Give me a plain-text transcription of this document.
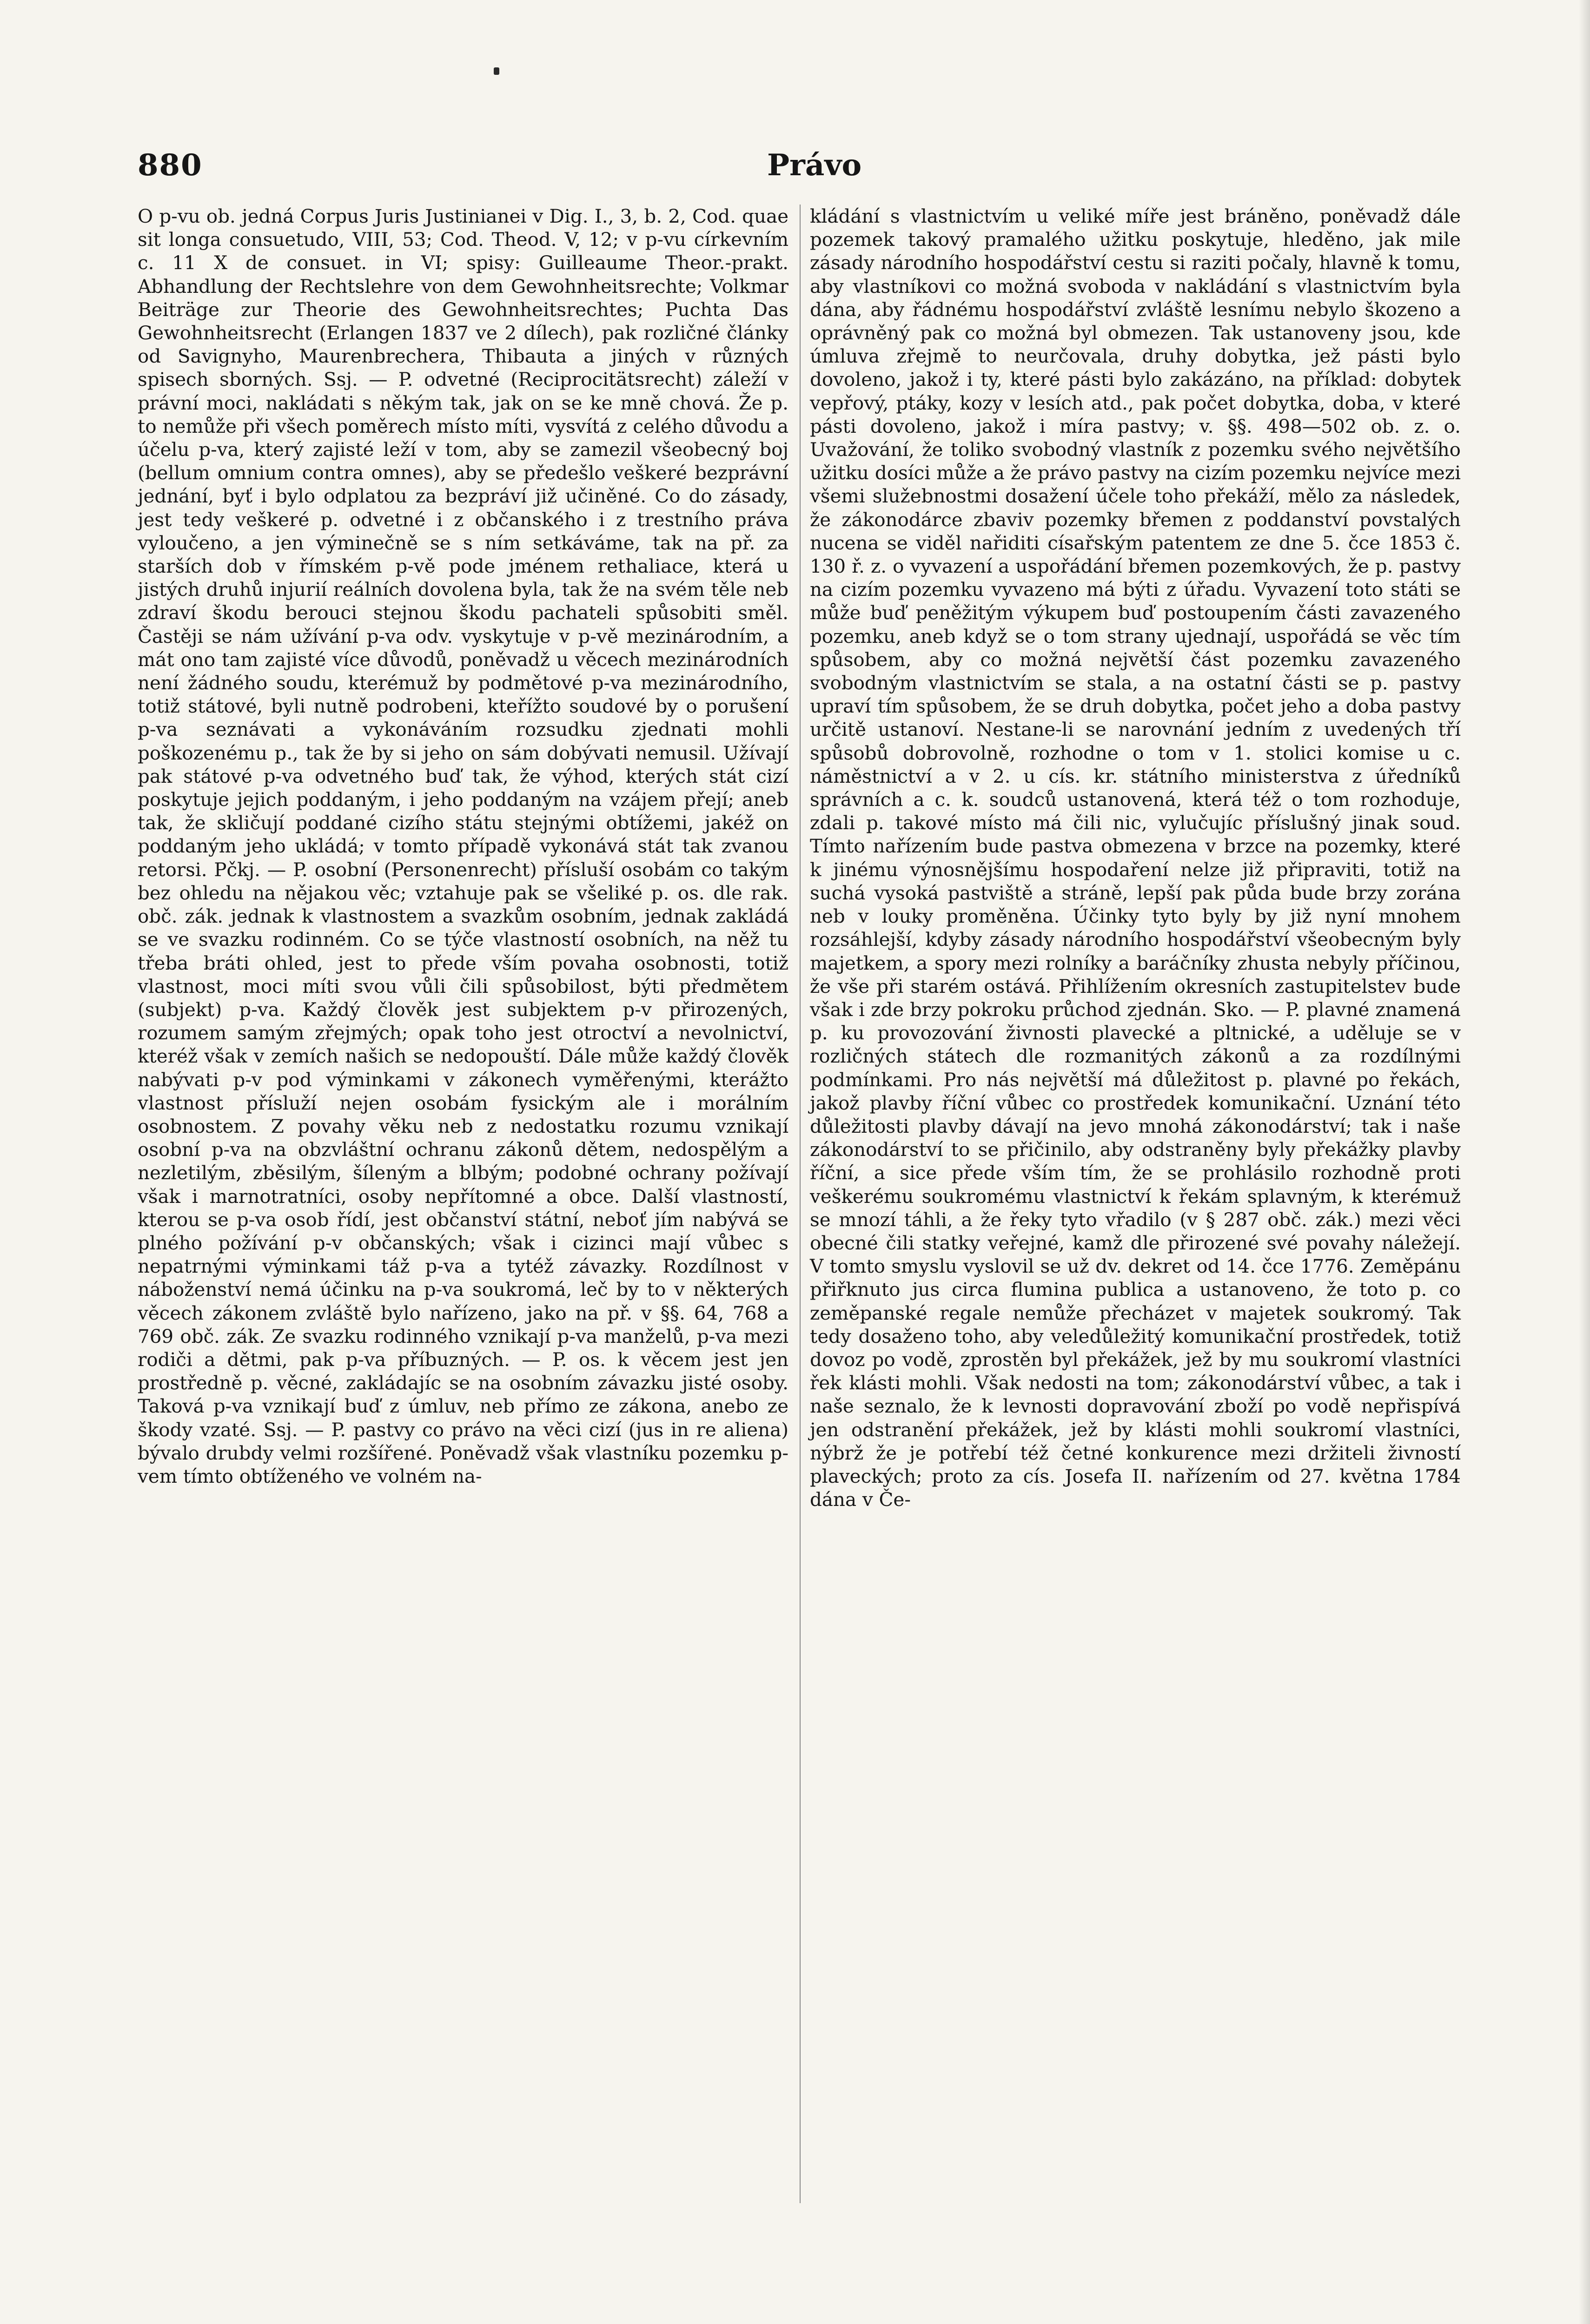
880	Právo

O p-vu ob. jedná Corpus Juris Justinianei v Dig. I., 3, b. 2, Cod. quae sit longa consuetudo, VIII, 53; Cod. Theod. V, 12; v p-vu církevním c. 11 X de consuet. in VI; spisy: Guilleaume Theor.-prakt. Abhandlung der Rechtslehre von dem Gewohnheitsrechte; Volkmar Beiträge zur Theorie des Gewohnheitsrechtes; Puchta Das Gewohnheitsrecht (Erlangen 1837 ve 2 dílech), pak rozličné články od Savignyho, Maurenbrechera, Thibauta a jiných v různých spisech sborných. Ssj. — P. odvetné (Reciprocitätsrecht) záleží v právní moci, nakládati s někým tak, jak on se ke mně chová. Že p. to nemůže při všech poměrech místo míti, vysvítá z celého důvodu a účelu p-va, který zajisté leží v tom, aby se zamezil všeobecný boj (bellum omnium contra omnes), aby se předešlo veškeré bezprávní jednání, byť i bylo odplatou za bezpráví již učiněné. Co do zásady, jest tedy veškeré p. odvetné i z občanského i z trestního práva vyloučeno, a jen výminečně se s ním setkáváme, tak na př. za starších dob v římském p-vě pode jménem rethaliace, která u jistých druhů injurií reálních dovolena byla, tak že na svém těle neb zdraví škodu berouci stejnou škodu pachateli spůsobiti směl. Častěji se nám užívání p-va odv. vyskytuje v p-vě mezinárodním, a mát ono tam zajisté více důvodů, poněvadž u věcech mezinárodních není žádného soudu, kterémuž by podmětové p-va mezinárodního, totiž státové, byli nutně podrobeni, kteřížto soudové by o porušení p-va seznávati a vykonáváním rozsudku zjednati mohli poškozenému p., tak že by si jeho on sám dobývati nemusil. Užívají pak státové p-va odvetného buď tak, že výhod, kterých stát cizí poskytuje jejich poddaným, i jeho poddaným na vzájem přejí; aneb tak, že skličují poddané cizího státu stejnými obtížemi, jakéž on poddaným jeho ukládá; v tomto případě vykonává stát tak zvanou retorsi. Pčkj. — P. osobní (Personenrecht) přísluší osobám co takým bez ohledu na nějakou věc; vztahuje pak se všeliké p. os. dle rak. obč. zák. jednak k vlastnostem a svazkům osobním, jednak zakládá se ve svazku rodinném. Co se týče vlastností osobních, na něž tu třeba bráti ohled, jest to přede vším povaha osobnosti, totiž vlastnost, moci míti svou vůli čili spůsobilost, býti předmětem (subjekt) p-va. Každý člověk jest subjektem p-v přirozených, rozumem samým zřejmých; opak toho jest otroctví a nevolnictví, kteréž však v zemích našich se nedopouští. Dále může každý člověk nabývati p-v pod výminkami v zákonech vyměřenými, kterážto vlastnost přísluží nejen osobám fysickým ale i morálním osobnostem. Z povahy věku neb z nedostatku rozumu vznikají osobní p-va na obzvláštní ochranu zákonů dětem, nedospělým a nezletilým, zběsilým, šíleným a blbým; podobné ochrany požívají však i marnotratníci, osoby nepřítomné a obce. Další vlastností, kterou se p-va osob řídí, jest občanství státní, neboť jím nabývá se plného požívání p-v občanských; však i cizinci mají vůbec s nepatrnými výminkami táž p-va a tytéž závazky. Rozdílnost v náboženství nemá účinku na p-va soukromá, leč by to v některých věcech zákonem zvláště bylo nařízeno, jako na př. v §§. 64, 768 a 769 obč. zák. Ze svazku rodinného vznikají p-va manželů, p-va mezi rodiči a dětmi, pak p-va příbuzných. — P. os. k věcem jest jen prostředně p. věcné, zakládajíc se na osobním závazku jisté osoby. Taková p-va vznikají buď z úmluv, neb přímo ze zákona, anebo ze škody vzaté. Ssj. — P. pastvy co právo na věci cizí (jus in re aliena) bývalo drubdy velmi rozšířené. Poněvadž však vlastníku pozemku p-vem tímto obtíženého ve volném na-

kládání s vlastnictvím u veliké míře jest bráněno, poněvadž dále pozemek takový pramalého užitku poskytuje, hleděno, jak mile zásady národního hospodářství cestu si raziti počaly, hlavně k tomu, aby vlastníkovi co možná svoboda v nakládání s vlastnictvím byla dána, aby řádnému hospodářství zvláště lesnímu nebylo škozeno a oprávněný pak co možná byl obmezen. Tak ustanoveny jsou, kde úmluva zřejmě to neurčovala, druhy dobytka, jež pásti bylo dovoleno, jakož i ty, které pásti bylo zakázáno, na příklad: dobytek vepřový, ptáky, kozy v lesích atd., pak počet dobytka, doba, v které pásti dovoleno, jakož i míra pastvy; v. §§. 498—502 ob. z. o. Uvažování, že toliko svobodný vlastník z pozemku svého největšího užitku dosíci může a že právo pastvy na cizím pozemku nejvíce mezi všemi služebnostmi dosažení účele toho překáží, mělo za následek, že zákonodárce zbaviv pozemky břemen z poddanství povstalých nucena se viděl nařiditi císařským patentem ze dne 5. čce 1853 č. 130 ř. z. o vyvazení a uspořádání břemen pozemkových, že p. pastvy na cizím pozemku vyvazeno má býti z úřadu. Vyvazení toto státi se může buď peněžitým výkupem buď postoupením části zavazeného pozemku, aneb když se o tom strany ujednají, uspořádá se věc tím spůsobem, aby co možná největší část pozemku zavazeného svobodným vlastnictvím se stala, a na ostatní části se p. pastvy upraví tím spůsobem, že se druh dobytka, počet jeho a doba pastvy určitě ustanoví. Nestane-li se narovnání jedním z uvedených tří spůsobů dobrovolně, rozhodne o tom v 1. stolici komise u c. náměstnictví a v 2. u cís. kr. státního ministerstva z úředníků správních a c. k. soudců ustanovená, která též o tom rozhoduje, zdali p. takové místo má čili nic, vylučujíc příslušný jinak soud. Tímto nařízením bude pastva obmezena v brzce na pozemky, které k jinému výnosnějšímu hospodaření nelze již připraviti, totiž na suchá vysoká pastviště a stráně, lepší pak půda bude brzy zorána neb v louky proměněna. Účinky tyto byly by již nyní mnohem rozsáhlejší, kdyby zásady národního hospodářství všeobecným byly majetkem, a spory mezi rolníky a baráčníky zhusta nebyly příčinou, že vše při starém ostává. Přihlížením okresních zastupitelstev bude však i zde brzy pokroku průchod zjednán. Sko. — P. plavné znamená p. ku provozování živnosti plavecké a pltnické, a uděluje se v rozličných státech dle rozmanitých zákonů a za rozdílnými podmínkami. Pro nás největší má důležitost p. plavné po řekách, jakož plavby říční vůbec co prostředek komunikační. Uznání této důležitosti plavby dávají na jevo mnohá zákonodárství; tak i naše zákonodárství to se přičinilo, aby odstraněny byly překážky plavby říční, a sice přede vším tím, že se prohlásilo rozhodně proti veškerému soukromému vlastnictví k řekám splavným, k kterémuž se mnozí táhli, a že řeky tyto vřadilo (v § 287 obč. zák.) mezi věci obecné čili statky veřejné, kamž dle přirozené své povahy náležejí. V tomto smyslu vyslovil se už dv. dekret od 14. čce 1776. Zeměpánu přiřknuto jus circa flumina publica a ustanoveno, že toto p. co zeměpanské regale nemůže přecházet v majetek soukromý. Tak tedy dosaženo toho, aby veledůležitý komunikační prostředek, totiž dovoz po vodě, zprostěn byl překážek, jež by mu soukromí vlastníci řek klásti mohli. Však nedosti na tom; zákonodárství vůbec, a tak i naše seznalo, že k levnosti dopravování zboží po vodě nepřispívá jen odstranění překážek, jež by klásti mohli soukromí vlastníci, nýbrž že je potřebí též četné konkurence mezi držiteli živností plaveckých; proto za cís. Josefa II. nařízením od 27. května 1784 dána v Če-
